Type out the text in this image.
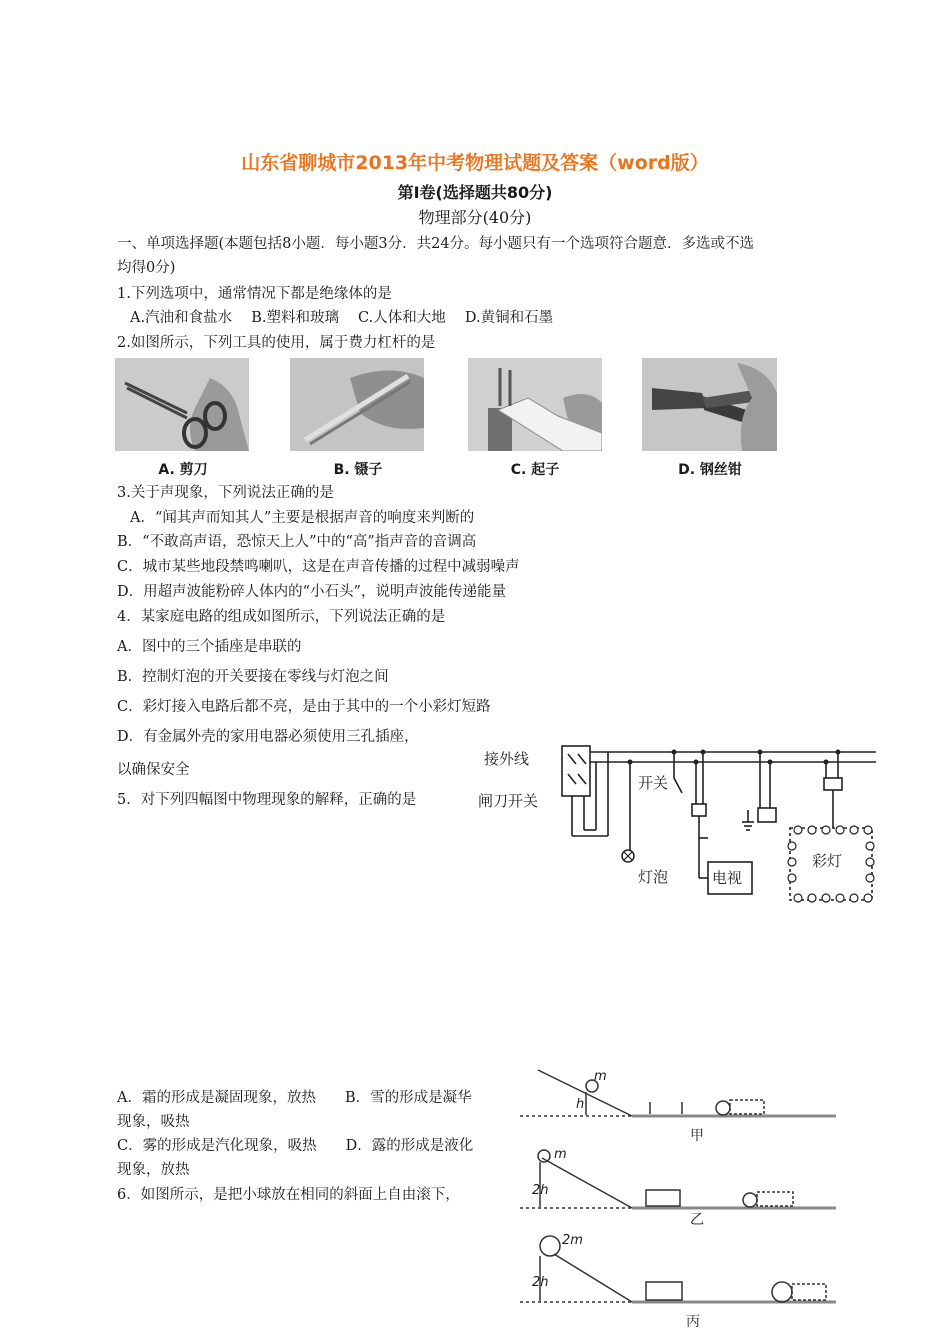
山东省聊城市2013年中考物理试题及答案（word版）
第Ⅰ卷(选择题共80分)
物理部分(40分)
一、单项选择题(本题包括8小题．每小题3分．共24分。每小题只有一个选项符合题意．多选或不选
均得0分)
1.下列选项中，通常情况下都是绝缘体的是
A.汽油和食盐水　 B.塑料和玻璃　 C.人体和大地　 D.黄铜和石墨
2.如图所示，下列工具的使用，属于费力杠杆的是
A. 剪刀	B. 镊子	C. 起子	D. 钢丝钳
3.关于声现象，下列说法正确的是
A．“闻其声而知其人”主要是根据声音的响度来判断的
B．“不敢高声语，恐惊天上人”中的“高”指声音的音调高
C．城市某些地段禁鸣喇叭，这是在声音传播的过程中减弱噪声
D．用超声波能粉碎人体内的“小石头”，说明声波能传递能量
4．某家庭电路的组成如图所示，下列说法正确的是
A．图中的三个插座是串联的
B．控制灯泡的开关要接在零线与灯泡之间
C．彩灯接入电路后都不亮，是由于其中的一个小彩灯短路
D．有金属外壳的家用电器必须使用三孔插座，
以确保安全
5．对下列四幅图中物理现象的解释，正确的是
接外线
闸刀开关
开关
灯泡	电视
彩灯
A．霜的形成是凝固现象，放热　　B．雪的形成是凝华
现象，吸热
C．雾的形成是汽化现象，吸热　　D．露的形成是液化
现象，放热
6．如图所示，是把小球放在相同的斜面上自由滚下，
m
h
甲
m
2h
乙
2m
2h
丙
